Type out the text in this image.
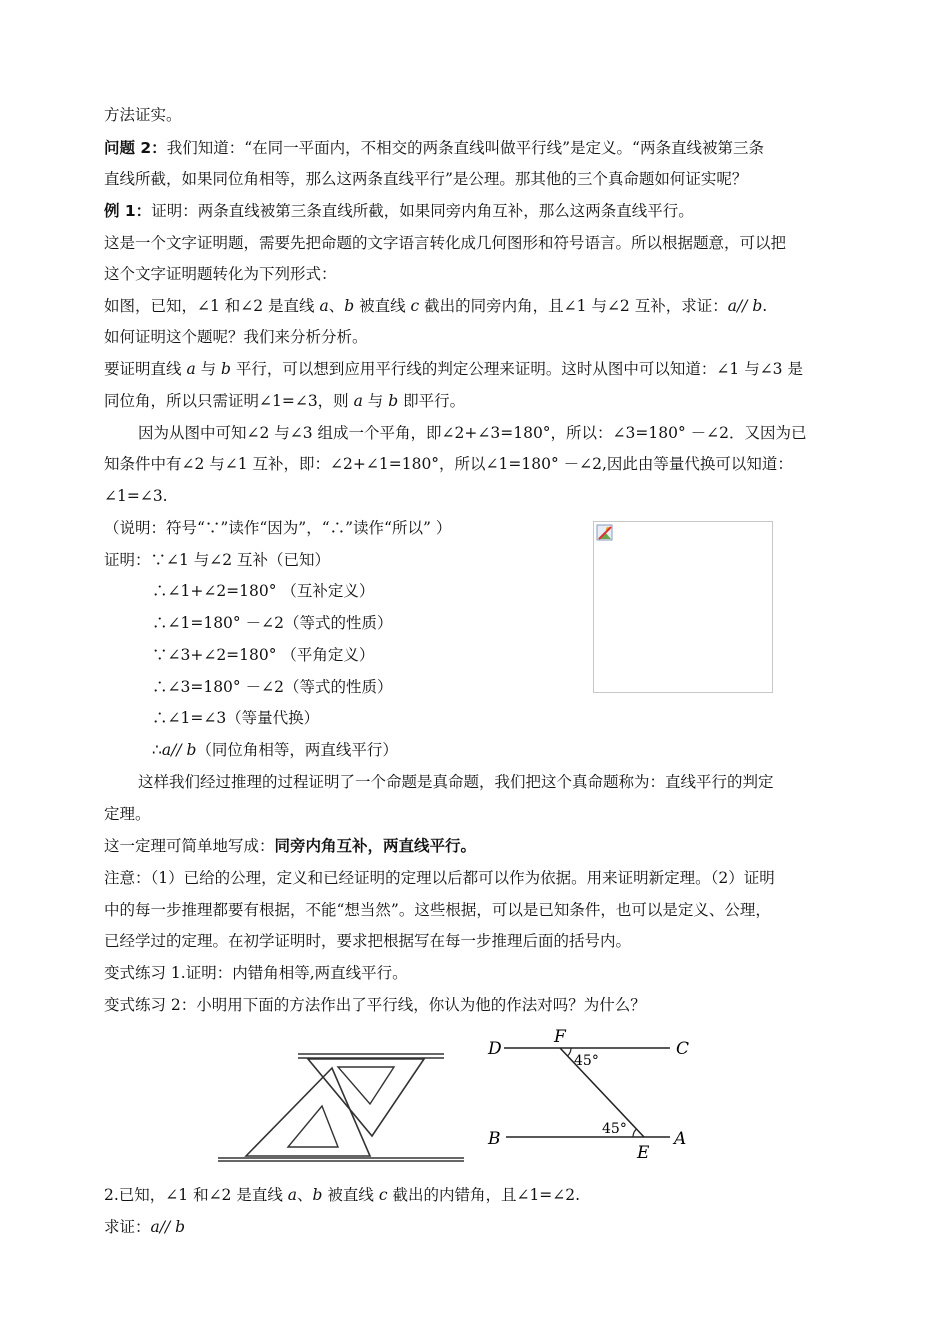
方法证实。
问题 2：我们知道：“在同一平面内，不相交的两条直线叫做平行线”是定义。“两条直线被第三条
直线所截，如果同位角相等，那么这两条直线平行”是公理。那其他的三个真命题如何证实呢？
例 1：证明：两条直线被第三条直线所截，如果同旁内角互补，那么这两条直线平行。
这是一个文字证明题，需要先把命题的文字语言转化成几何图形和符号语言。所以根据题意，可以把
这个文字证明题转化为下列形式：
如图，已知，∠1 和∠2 是直线 a、b 被直线 c 截出的同旁内角，且∠1 与∠2 互补，求证：a// b.
如何证明这个题呢？我们来分析分析。
要证明直线 a 与 b 平行，可以想到应用平行线的判定公理来证明。这时从图中可以知道：∠1 与∠3 是
同位角，所以只需证明∠1=∠3，则 a 与 b 即平行。
因为从图中可知∠2 与∠3 组成一个平角，即∠2+∠3=180°，所以：∠3=180° －∠2．又因为已
知条件中有∠2 与∠1 互补，即：∠2+∠1=180°，所以∠1=180° －∠2,因此由等量代换可以知道：
∠1=∠3.
（说明：符号“∵”读作“因为”，“∴”读作“所以” ）
证明：∵∠1 与∠2 互补（已知）
∴∠1+∠2=180° （互补定义）
∴∠1=180° －∠2（等式的性质）
∵∠3+∠2=180° （平角定义）
∴∠3=180° －∠2（等式的性质）
∴∠1=∠3（等量代换）
∴a// b（同位角相等，两直线平行）
这样我们经过推理的过程证明了一个命题是真命题，我们把这个真命题称为：直线平行的判定
定理。
这一定理可简单地写成：同旁内角互补，两直线平行。
注意：（1）已给的公理，定义和已经证明的定理以后都可以作为依据。用来证明新定理。（2）证明
中的每一步推理都要有根据，不能“想当然”。这些根据，可以是已知条件，也可以是定义、公理，
已经学过的定理。在初学证明时，要求把根据写在每一步推理后面的括号内。
变式练习 1.证明：内错角相等,两直线平行。
变式练习 2：小明用下面的方法作出了平行线，你认为他的作法对吗？为什么？
D
F
C
B
E
A
45°
45°
2.已知，∠1 和∠2 是直线 a、b 被直线 c 截出的内错角，且∠1=∠2.
求证：a// b
